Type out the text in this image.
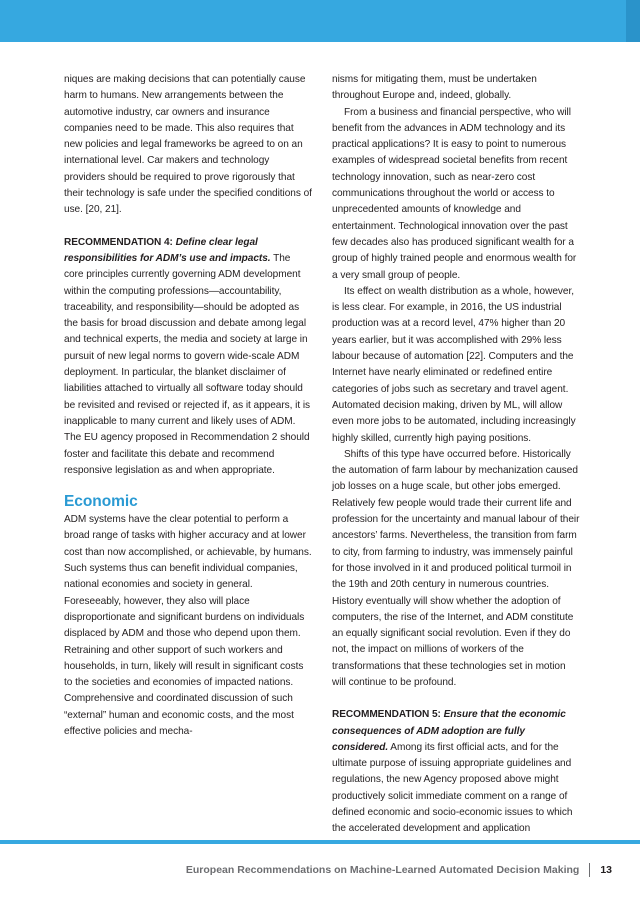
niques are making decisions that can potentially cause harm to humans. New arrangements between the automotive industry, car owners and insurance companies need to be made. This also requires that new policies and legal frameworks be agreed to on an international level. Car makers and technology providers should be required to prove rigorously that their technology is safe under the specified conditions of use. [20, 21].

RECOMMENDATION 4: Define clear legal responsibilities for ADM’s use and impacts. The core principles currently governing ADM development within the computing professions—accountability, traceability, and responsibility—should be adopted as the basis for broad discussion and debate among legal and technical experts, the media and society at large in pursuit of new legal norms to govern wide-scale ADM deployment. In particular, the blanket disclaimer of liabilities attached to virtually all software today should be revisited and revised or rejected if, as it appears, it is inapplicable to many current and likely uses of ADM. The EU agency proposed in Recommendation 2 should foster and facilitate this debate and recommend responsive legislation as and when appropriate.

Economic

ADM systems have the clear potential to perform a broad range of tasks with higher accuracy and at lower cost than now accomplished, or achievable, by humans. Such systems thus can benefit individual companies, national economies and society in general. Foreseeably, however, they also will place disproportionate and significant burdens on individuals displaced by ADM and those who depend upon them. Retraining and other support of such workers and households, in turn, likely will result in significant costs to the societies and economies of impacted nations. Comprehensive and coordinated discussion of such “external” human and economic costs, and the most effective policies and mecha-

nisms for mitigating them, must be undertaken throughout Europe and, indeed, globally.

From a business and financial perspective, who will benefit from the advances in ADM technology and its practical applications? It is easy to point to numerous examples of widespread societal benefits from recent technology innovation, such as near-zero cost communications throughout the world or access to unprecedented amounts of knowledge and entertainment. Technological innovation over the past few decades also has produced significant wealth for a group of highly trained people and enormous wealth for a very small group of people.

Its effect on wealth distribution as a whole, however, is less clear. For example, in 2016, the US industrial production was at a record level, 47% higher than 20 years earlier, but it was accomplished with 29% less labour because of automation [22]. Computers and the Internet have nearly eliminated or redefined entire categories of jobs such as secretary and travel agent. Automated decision making, driven by ML, will allow even more jobs to be automated, including increasingly highly skilled, currently high paying positions.

Shifts of this type have occurred before. Historically the automation of farm labour by mechanization caused job losses on a huge scale, but other jobs emerged. Relatively few people would trade their current life and profession for the uncertainty and manual labour of their ancestors’ farms. Nevertheless, the transition from farm to city, from farming to industry, was immensely painful for those involved in it and produced political turmoil in the 19th and 20th century in numerous countries. History eventually will show whether the adoption of computers, the rise of the Internet, and ADM constitute an equally significant social revolution. Even if they do not, the impact on millions of workers of the transformations that these technologies set in motion will continue to be profound.

RECOMMENDATION 5: Ensure that the economic consequences of ADM adoption are fully considered. Among its first official acts, and for the ultimate purpose of issuing appropriate guidelines and regulations, the new Agency proposed above might productively solicit immediate comment on a range of defined economic and socio-economic issues to which the accelerated development and application

European Recommendations on Machine-Learned Automated Decision Making 13
